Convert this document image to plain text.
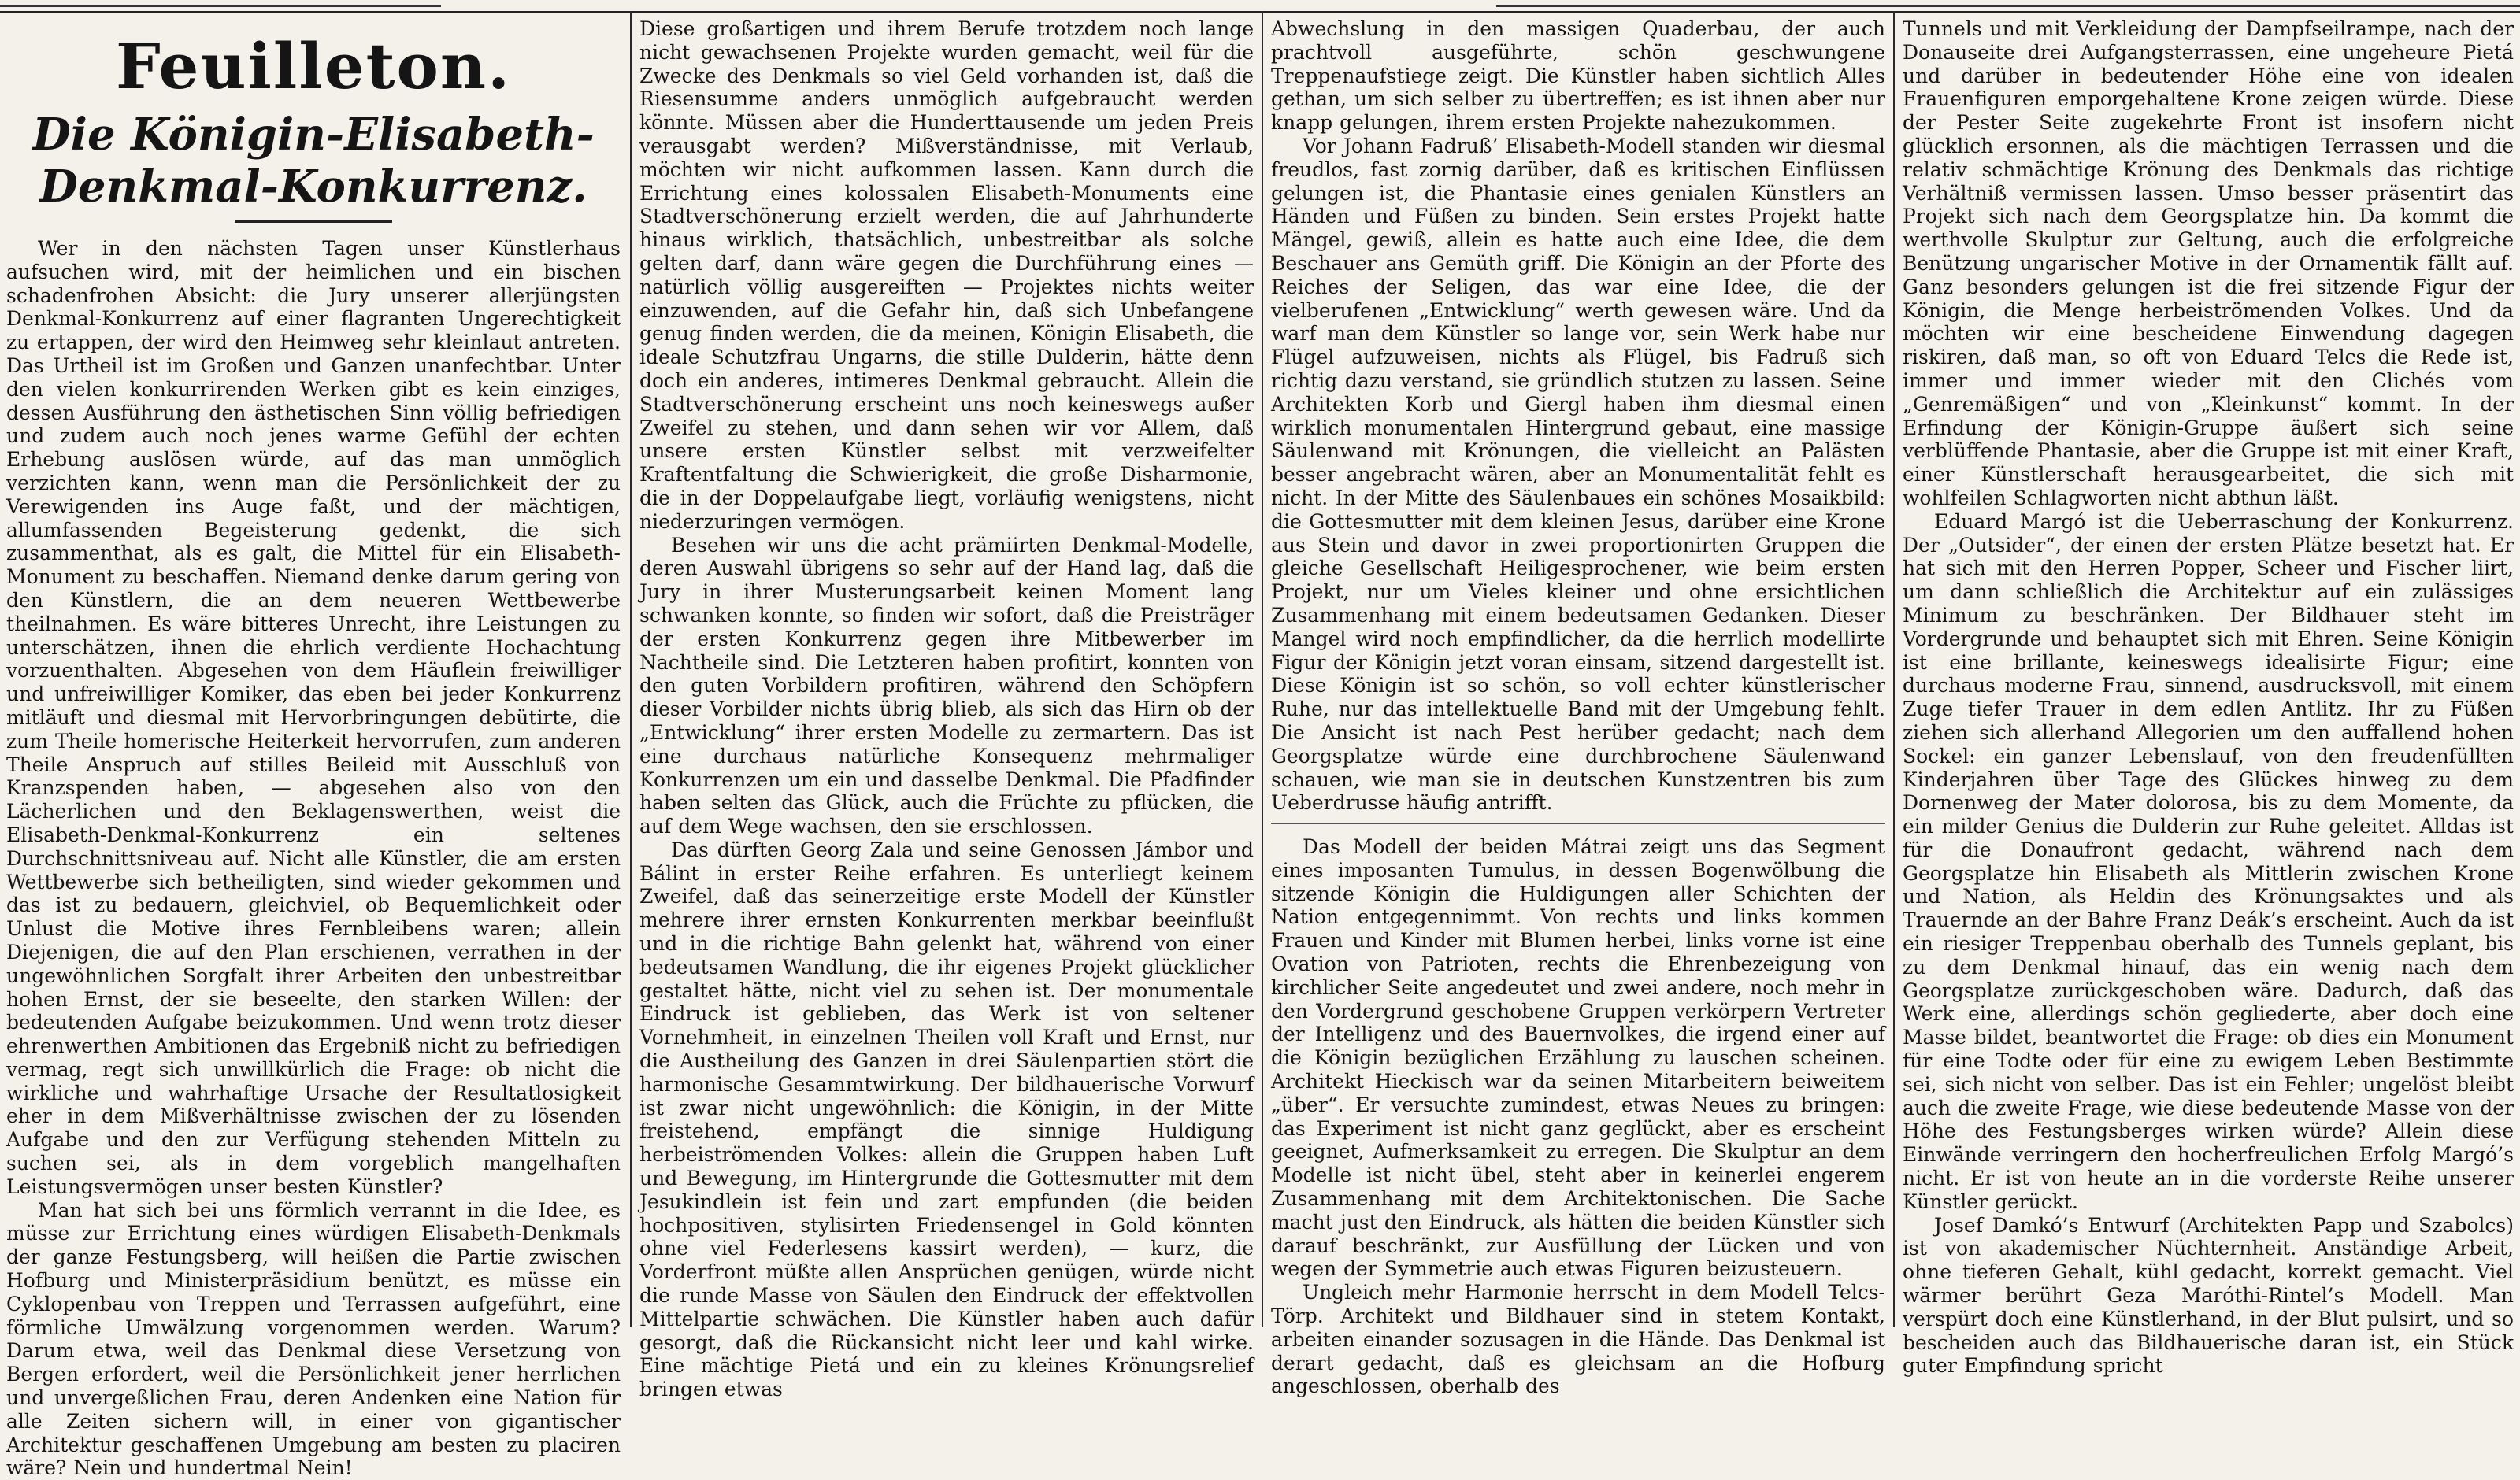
Feuilleton.
Die Königin-Elisabeth-Denkmal-Konkurrenz.

Wer in den nächsten Tagen unser Künstlerhaus aufsuchen wird, mit der heimlichen und ein bischen schadenfrohen Absicht: die Jury unserer allerjüngsten Denkmal-Konkurrenz auf einer flagranten Ungerechtigkeit zu ertappen, der wird den Heimweg sehr kleinlaut antreten. Das Urtheil ist im Großen und Ganzen unanfechtbar. Unter den vielen konkurrirenden Werken gibt es kein einziges, dessen Ausführung den ästhetischen Sinn völlig befriedigen und zudem auch noch jenes warme Gefühl der echten Erhebung auslösen würde, auf das man unmöglich verzichten kann, wenn man die Persönlichkeit der zu Verewigenden ins Auge faßt, und der mächtigen, allumfassenden Begeisterung gedenkt, die sich zusammenthat, als es galt, die Mittel für ein Elisabeth-Monument zu beschaffen. Niemand denke darum gering von den Künstlern, die an dem neueren Wettbewerbe theilnahmen. Es wäre bitteres Unrecht, ihre Leistungen zu unterschätzen, ihnen die ehrlich verdiente Hochachtung vorzuenthalten. Abgesehen von dem Häuflein freiwilliger und unfreiwilliger Komiker, das eben bei jeder Konkurrenz mitläuft und diesmal mit Hervorbringungen debütirte, die zum Theile homerische Heiterkeit hervorrufen, zum anderen Theile Anspruch auf stilles Beileid mit Ausschluß von Kranzspenden haben, — abgesehen also von den Lächerlichen und den Beklagenswerthen, weist die Elisabeth-Denkmal-Konkurrenz ein seltenes Durchschnittsniveau auf. Nicht alle Künstler, die am ersten Wettbewerbe sich betheiligten, sind wieder gekommen und das ist zu bedauern, gleichviel, ob Bequemlichkeit oder Unlust die Motive ihres Fernbleibens waren; allein Diejenigen, die auf den Plan erschienen, verrathen in der ungewöhnlichen Sorgfalt ihrer Arbeiten den unbestreitbar hohen Ernst, der sie beseelte, den starken Willen: der bedeutenden Aufgabe beizukommen. Und wenn trotz dieser ehrenwerthen Ambitionen das Ergebniß nicht zu befriedigen vermag, regt sich unwillkürlich die Frage: ob nicht die wirkliche und wahrhaftige Ursache der Resultatlosigkeit eher in dem Mißverhältnisse zwischen der zu lösenden Aufgabe und den zur Verfügung stehenden Mitteln zu suchen sei, als in dem vorgeblich mangelhaften Leistungsvermögen unser besten Künstler?

Man hat sich bei uns förmlich verrannt in die Idee, es müsse zur Errichtung eines würdigen Elisabeth-Denkmals der ganze Festungsberg, will heißen die Partie zwischen Hofburg und Ministerpräsidium benützt, es müsse ein Cyklopenbau von Treppen und Terrassen aufgeführt, eine förmliche Umwälzung vorgenommen werden. Warum? Darum etwa, weil das Denkmal diese Versetzung von Bergen erfordert, weil die Persönlichkeit jener herrlichen und unvergeßlichen Frau, deren Andenken eine Nation für alle Zeiten sichern will, in einer von gigantischer Architektur geschaffenen Umgebung am besten zu placiren wäre? Nein und hundertmal Nein!

Diese großartigen und ihrem Berufe trotzdem noch lange nicht gewachsenen Projekte wurden gemacht, weil für die Zwecke des Denkmals so viel Geld vorhanden ist, daß die Riesensumme anders unmöglich aufgebraucht werden könnte. Müssen aber die Hunderttausende um jeden Preis verausgabt werden? Mißverständnisse, mit Verlaub, möchten wir nicht aufkommen lassen. Kann durch die Errichtung eines kolossalen Elisabeth-Monuments eine Stadtverschönerung erzielt werden, die auf Jahrhunderte hinaus wirklich, thatsächlich, unbestreitbar als solche gelten darf, dann wäre gegen die Durchführung eines — natürlich völlig ausgereiften — Projektes nichts weiter einzuwenden, auf die Gefahr hin, daß sich Unbefangene genug finden werden, die da meinen, Königin Elisabeth, die ideale Schutzfrau Ungarns, die stille Dulderin, hätte denn doch ein anderes, intimeres Denkmal gebraucht. Allein die Stadtverschönerung erscheint uns noch keineswegs außer Zweifel zu stehen, und dann sehen wir vor Allem, daß unsere ersten Künstler selbst mit verzweifelter Kraftentfaltung die Schwierigkeit, die große Disharmonie, die in der Doppelaufgabe liegt, vorläufig wenigstens, nicht niederzuringen vermögen.

Besehen wir uns die acht prämiirten Denkmal-Modelle, deren Auswahl übrigens so sehr auf der Hand lag, daß die Jury in ihrer Musterungsarbeit keinen Moment lang schwanken konnte, so finden wir sofort, daß die Preisträger der ersten Konkurrenz gegen ihre Mitbewerber im Nachtheile sind. Die Letzteren haben profitirt, konnten von den guten Vorbildern profitiren, während den Schöpfern dieser Vorbilder nichts übrig blieb, als sich das Hirn ob der „Entwicklung“ ihrer ersten Modelle zu zermartern. Das ist eine durchaus natürliche Konsequenz mehrmaliger Konkurrenzen um ein und dasselbe Denkmal. Die Pfadfinder haben selten das Glück, auch die Früchte zu pflücken, die auf dem Wege wachsen, den sie erschlossen.

Das dürften Georg Zala und seine Genossen Jámbor und Bálint in erster Reihe erfahren. Es unterliegt keinem Zweifel, daß das seinerzeitige erste Modell der Künstler mehrere ihrer ernsten Konkurrenten merkbar beeinflußt und in die richtige Bahn gelenkt hat, während von einer bedeutsamen Wandlung, die ihr eigenes Projekt glücklicher gestaltet hätte, nicht viel zu sehen ist. Der monumentale Eindruck ist geblieben, das Werk ist von seltener Vornehmheit, in einzelnen Theilen voll Kraft und Ernst, nur die Austheilung des Ganzen in drei Säulenpartien stört die harmonische Gesammtwirkung. Der bildhauerische Vorwurf ist zwar nicht ungewöhnlich: die Königin, in der Mitte freistehend, empfängt die sinnige Huldigung herbeiströmenden Volkes: allein die Gruppen haben Luft und Bewegung, im Hintergrunde die Gottesmutter mit dem Jesukindlein ist fein und zart empfunden (die beiden hochpositiven, stylisirten Friedensengel in Gold könnten ohne viel Federlesens kassirt werden), — kurz, die Vorderfront müßte allen Ansprüchen genügen, würde nicht die runde Masse von Säulen den Eindruck der effektvollen Mittelpartie schwächen. Die Künstler haben auch dafür gesorgt, daß die Rückansicht nicht leer und kahl wirke. Eine mächtige Pietá und ein zu kleines Krönungsrelief bringen etwas

Abwechslung in den massigen Quaderbau, der auch prachtvoll ausgeführte, schön geschwungene Treppenaufstiege zeigt. Die Künstler haben sichtlich Alles gethan, um sich selber zu übertreffen; es ist ihnen aber nur knapp gelungen, ihrem ersten Projekte nahezukommen.

Vor Johann Fadruß’ Elisabeth-Modell standen wir diesmal freudlos, fast zornig darüber, daß es kritischen Einflüssen gelungen ist, die Phantasie eines genialen Künstlers an Händen und Füßen zu binden. Sein erstes Projekt hatte Mängel, gewiß, allein es hatte auch eine Idee, die dem Beschauer ans Gemüth griff. Die Königin an der Pforte des Reiches der Seligen, das war eine Idee, die der vielberufenen „Entwicklung“ werth gewesen wäre. Und da warf man dem Künstler so lange vor, sein Werk habe nur Flügel aufzuweisen, nichts als Flügel, bis Fadruß sich richtig dazu verstand, sie gründlich stutzen zu lassen. Seine Architekten Korb und Giergl haben ihm diesmal einen wirklich monumentalen Hintergrund gebaut, eine massige Säulenwand mit Krönungen, die vielleicht an Palästen besser angebracht wären, aber an Monumentalität fehlt es nicht. In der Mitte des Säulenbaues ein schönes Mosaikbild: die Gottesmutter mit dem kleinen Jesus, darüber eine Krone aus Stein und davor in zwei proportionirten Gruppen die gleiche Gesellschaft Heiligesprochener, wie beim ersten Projekt, nur um Vieles kleiner und ohne ersichtlichen Zusammenhang mit einem bedeutsamen Gedanken. Dieser Mangel wird noch empfindlicher, da die herrlich modellirte Figur der Königin jetzt voran einsam, sitzend dargestellt ist. Diese Königin ist so schön, so voll echter künstlerischer Ruhe, nur das intellektuelle Band mit der Umgebung fehlt. Die Ansicht ist nach Pest herüber gedacht; nach dem Georgsplatze würde eine durchbrochene Säulenwand schauen, wie man sie in deutschen Kunstzentren bis zum Ueberdrusse häufig antrifft.

Das Modell der beiden Mátrai zeigt uns das Segment eines imposanten Tumulus, in dessen Bogenwölbung die sitzende Königin die Huldigungen aller Schichten der Nation entgegennimmt. Von rechts und links kommen Frauen und Kinder mit Blumen herbei, links vorne ist eine Ovation von Patrioten, rechts die Ehrenbezeigung von kirchlicher Seite angedeutet und zwei andere, noch mehr in den Vordergrund geschobene Gruppen verkörpern Vertreter der Intelligenz und des Bauernvolkes, die irgend einer auf die Königin bezüglichen Erzählung zu lauschen scheinen. Architekt Hieckisch war da seinen Mitarbeitern beiweitem „über“. Er versuchte zumindest, etwas Neues zu bringen: das Experiment ist nicht ganz geglückt, aber es erscheint geeignet, Aufmerksamkeit zu erregen. Die Skulptur an dem Modelle ist nicht übel, steht aber in keinerlei engerem Zusammenhang mit dem Architektonischen. Die Sache macht just den Eindruck, als hätten die beiden Künstler sich darauf beschränkt, zur Ausfüllung der Lücken und von wegen der Symmetrie auch etwas Figuren beizusteuern.

Ungleich mehr Harmonie herrscht in dem Modell Telcs-Törp. Architekt und Bildhauer sind in stetem Kontakt, arbeiten einander sozusagen in die Hände. Das Denkmal ist derart gedacht, daß es gleichsam an die Hofburg angeschlossen, oberhalb des

Tunnels und mit Verkleidung der Dampfseilrampe, nach der Donauseite drei Aufgangsterrassen, eine ungeheure Pietá und darüber in bedeutender Höhe eine von idealen Frauenfiguren emporgehaltene Krone zeigen würde. Diese der Pester Seite zugekehrte Front ist insofern nicht glücklich ersonnen, als die mächtigen Terrassen und die relativ schmächtige Krönung des Denkmals das richtige Verhältniß vermissen lassen. Umso besser präsentirt das Projekt sich nach dem Georgsplatze hin. Da kommt die werthvolle Skulptur zur Geltung, auch die erfolgreiche Benützung ungarischer Motive in der Ornamentik fällt auf. Ganz besonders gelungen ist die frei sitzende Figur der Königin, die Menge herbeiströmenden Volkes. Und da möchten wir eine bescheidene Einwendung dagegen riskiren, daß man, so oft von Eduard Telcs die Rede ist, immer und immer wieder mit den Clichés vom „Genremäßigen“ und von „Kleinkunst“ kommt. In der Erfindung der Königin-Gruppe äußert sich seine verblüffende Phantasie, aber die Gruppe ist mit einer Kraft, einer Künstlerschaft herausgearbeitet, die sich mit wohlfeilen Schlagworten nicht abthun läßt.

Eduard Margó ist die Ueberraschung der Konkurrenz. Der „Outsider“, der einen der ersten Plätze besetzt hat. Er hat sich mit den Herren Popper, Scheer und Fischer liirt, um dann schließlich die Architektur auf ein zulässiges Minimum zu beschränken. Der Bildhauer steht im Vordergrunde und behauptet sich mit Ehren. Seine Königin ist eine brillante, keineswegs idealisirte Figur; eine durchaus moderne Frau, sinnend, ausdrucksvoll, mit einem Zuge tiefer Trauer in dem edlen Antlitz. Ihr zu Füßen ziehen sich allerhand Allegorien um den auffallend hohen Sockel: ein ganzer Lebenslauf, von den freudenfüllten Kinderjahren über Tage des Glückes hinweg zu dem Dornenweg der Mater dolorosa, bis zu dem Momente, da ein milder Genius die Dulderin zur Ruhe geleitet. Alldas ist für die Donaufront gedacht, während nach dem Georgsplatze hin Elisabeth als Mittlerin zwischen Krone und Nation, als Heldin des Krönungsaktes und als Trauernde an der Bahre Franz Deák’s erscheint. Auch da ist ein riesiger Treppenbau oberhalb des Tunnels geplant, bis zu dem Denkmal hinauf, das ein wenig nach dem Georgsplatze zurückgeschoben wäre. Dadurch, daß das Werk eine, allerdings schön gegliederte, aber doch eine Masse bildet, beantwortet die Frage: ob dies ein Monument für eine Todte oder für eine zu ewigem Leben Bestimmte sei, sich nicht von selber. Das ist ein Fehler; ungelöst bleibt auch die zweite Frage, wie diese bedeutende Masse von der Höhe des Festungsberges wirken würde? Allein diese Einwände verringern den hocherfreulichen Erfolg Margó’s nicht. Er ist von heute an in die vorderste Reihe unserer Künstler gerückt.

Josef Damkó’s Entwurf (Architekten Papp und Szabolcs) ist von akademischer Nüchternheit. Anständige Arbeit, ohne tieferen Gehalt, kühl gedacht, korrekt gemacht. Viel wärmer berührt Geza Maróthi-Rintel’s Modell. Man verspürt doch eine Künstlerhand, in der Blut pulsirt, und so bescheiden auch das Bildhauerische daran ist, ein Stück guter Empfindung spricht
